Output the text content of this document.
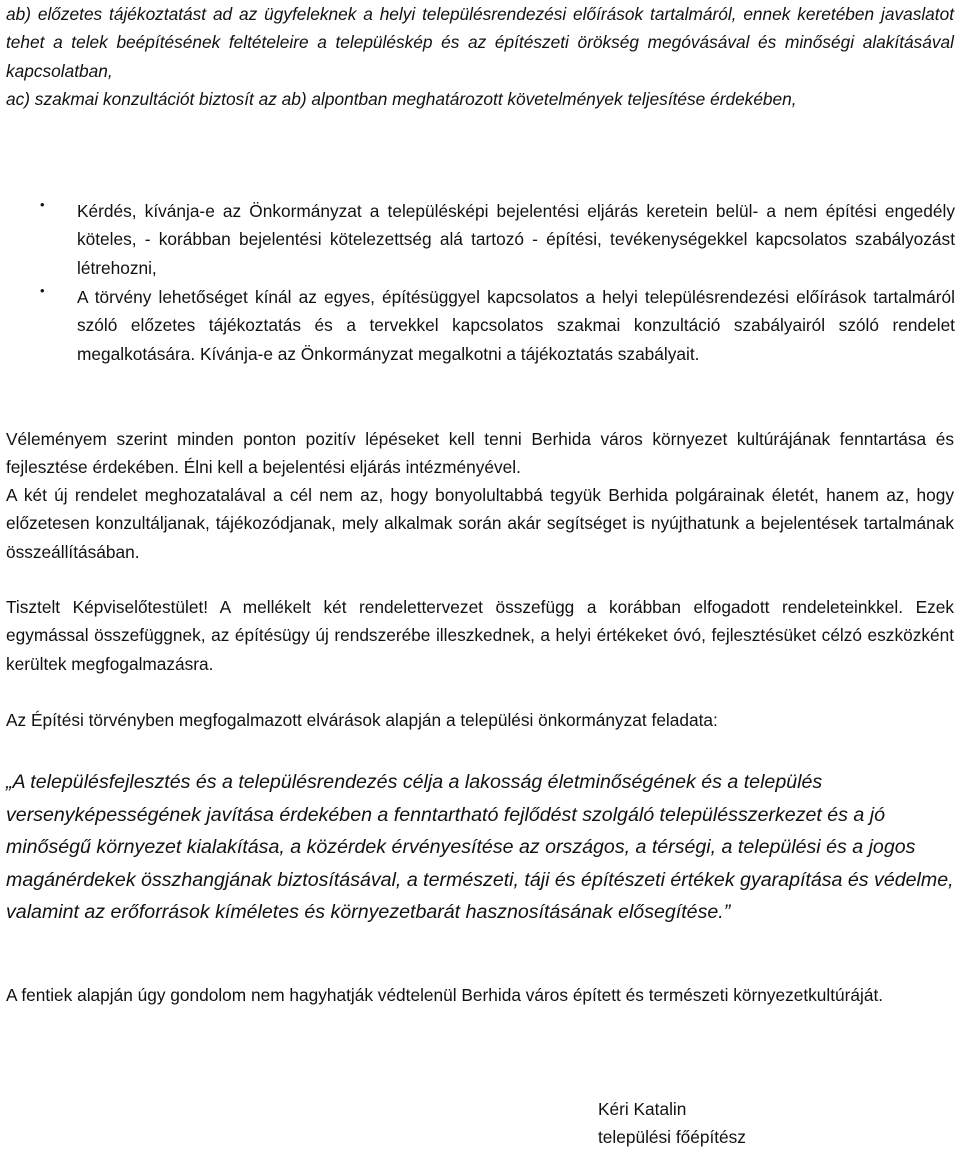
ab) előzetes tájékoztatást ad az ügyfeleknek a helyi településrendezési előírások tartalmáról, ennek keretében javaslatot tehet a telek beépítésének feltételeire a településkép és az építészeti örökség megóvásával és minőségi alakításával kapcsolatban,

ac) szakmai konzultációt biztosít az ab) alpontban meghatározott követelmények teljesítése érdekében,

• Kérdés, kívánja-e az Önkormányzat a településképi bejelentési eljárás keretein belül- a nem építési engedély köteles, - korábban bejelentési kötelezettség alá tartozó - építési, tevékenységekkel kapcsolatos szabályozást létrehozni,

• A törvény lehetőséget kínál az egyes, építésüggyel kapcsolatos a helyi településrendezési előírások tartalmáról szóló előzetes tájékoztatás és a tervekkel kapcsolatos szakmai konzultáció szabályairól szóló rendelet megalkotására. Kívánja-e az Önkormányzat megalkotni a tájékoztatás szabályait.

Véleményem szerint minden ponton pozitív lépéseket kell tenni Berhida város környezet kultúrájának fenntartása és fejlesztése érdekében. Élni kell a bejelentési eljárás intézményével.

A két új rendelet meghozatalával a cél nem az, hogy bonyolultabbá tegyük Berhida polgárainak életét, hanem az, hogy előzetesen konzultáljanak, tájékozódjanak, mely alkalmak során akár segítséget is nyújthatunk a bejelentések tartalmának összeállításában.

Tisztelt Képviselőtestület! A mellékelt két rendelettervezet összefügg a korábban elfogadott rendeleteinkkel. Ezek egymással összefüggnek, az építésügy új rendszerébe illeszkednek, a helyi értékeket óvó, fejlesztésüket célzó eszközként kerültek megfogalmazásra.

Az Építési törvényben megfogalmazott elvárások alapján a települési önkormányzat feladata:

„A településfejlesztés és a településrendezés célja a lakosság életminőségének és a település versenyképességének javítása érdekében a fenntartható fejlődést szolgáló településszerkezet és a jó minőségű környezet kialakítása, a közérdek érvényesítése az országos, a térségi, a települési és a jogos magánérdekek összhangjának biztosításával, a természeti, táji és építészeti értékek gyarapítása és védelme, valamint az erőforrások kíméletes és környezetbarát hasznosításának elősegítése.”

A fentiek alapján úgy gondolom nem hagyhatják védtelenül Berhida város épített és természeti környezetkultúráját.

Kéri Katalin
települési főépítész
